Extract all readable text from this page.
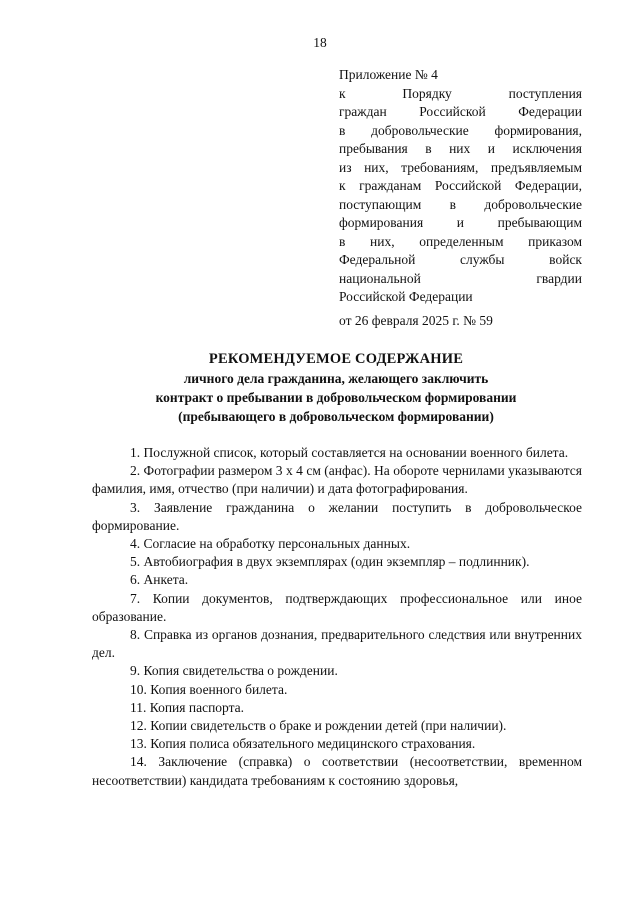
18
Приложение № 4
к Порядку поступления
граждан Российской Федерации
в добровольческие формирования,
пребывания в них и исключения
из них, требованиям, предъявляемым
к гражданам Российской Федерации,
поступающим в добровольческие
формирования и пребывающим
в них, определенным приказом
Федеральной службы войск
национальной гвардии
Российской Федерации
от 26 февраля 2025 г. № 59
РЕКОМЕНДУЕМОЕ СОДЕРЖАНИЕ
личного дела гражданина, желающего заключить
контракт о пребывании в добровольческом формировании
(пребывающего в добровольческом формировании)

1. Послужной список, который составляется на основании военного билета.

2. Фотографии размером 3 х 4 см (анфас). На обороте чернилами указываются фамилия, имя, отчество (при наличии) и дата фотографирования.

3. Заявление гражданина о желании поступить в добровольческое формирование.

4. Согласие на обработку персональных данных.

5. Автобиография в двух экземплярах (один экземпляр – подлинник).

6. Анкета.

7. Копии документов, подтверждающих профессиональное или иное образование.

8. Справка из органов дознания, предварительного следствия или внутренних дел.

9. Копия свидетельства о рождении.

10. Копия военного билета.

11. Копия паспорта.

12. Копии свидетельств о браке и рождении детей (при наличии).

13. Копия полиса обязательного медицинского страхования.

14. Заключение (справка) о соответствии (несоответствии, временном несоответствии) кандидата требованиям к состоянию здоровья,
